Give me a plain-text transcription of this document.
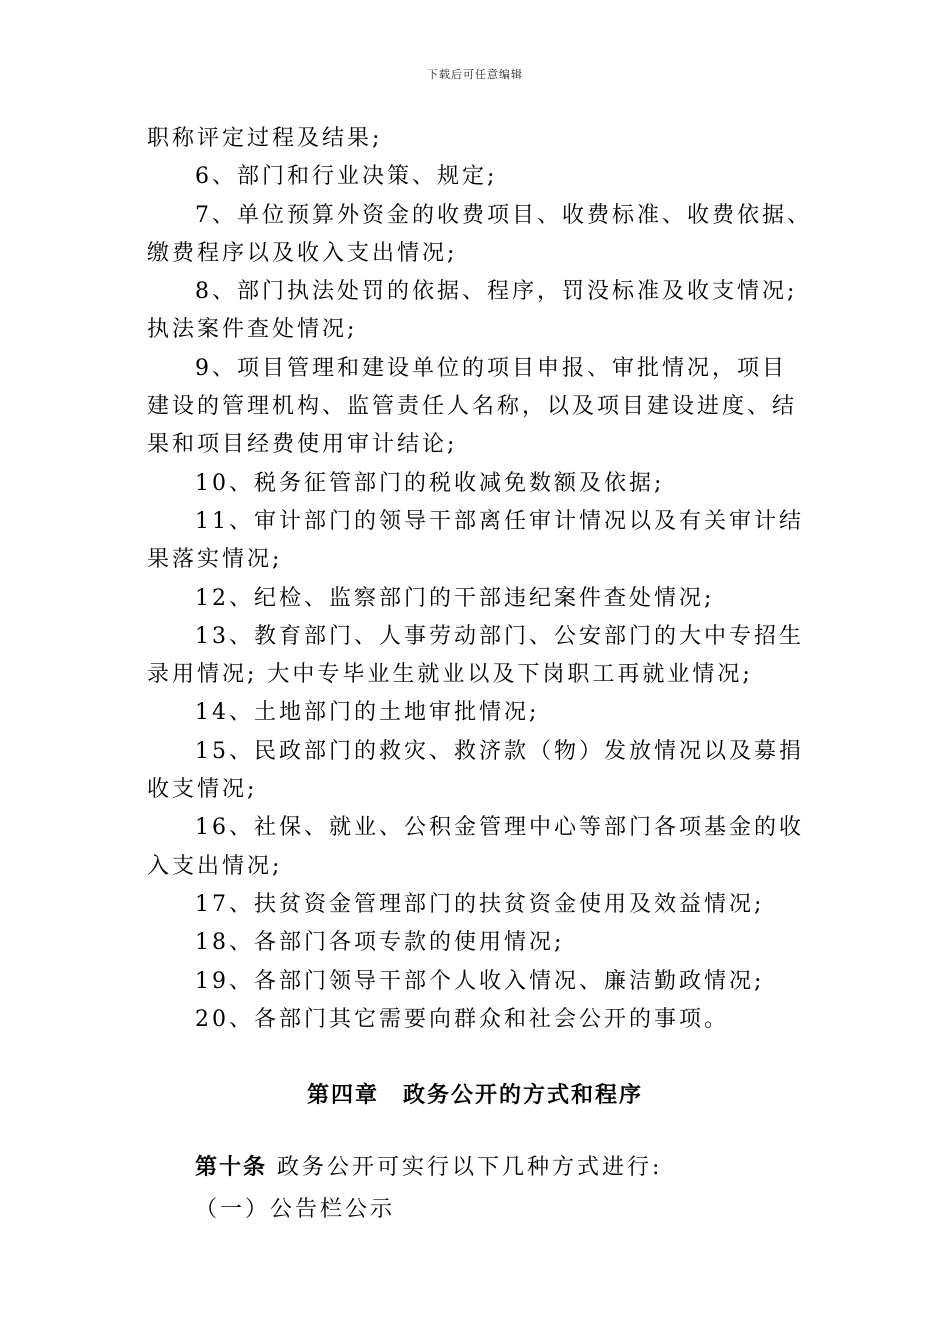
下载后可任意编辑
职称评定过程及结果;
6、部门和行业决策、规定;
7、单位预算外资金的收费项目、收费标准、收费依据、
缴费程序以及收入支出情况;
8、部门执法处罚的依据、程序，罚没标准及收支情况;
执法案件查处情况;
9、项目管理和建设单位的项目申报、审批情况，项目
建设的管理机构、监管责任人名称，以及项目建设进度、结
果和项目经费使用审计结论;
10、税务征管部门的税收减免数额及依据;
11、审计部门的领导干部离任审计情况以及有关审计结
果落实情况;
12、纪检、监察部门的干部违纪案件查处情况;
13、教育部门、人事劳动部门、公安部门的大中专招生
录用情况; 大中专毕业生就业以及下岗职工再就业情况;
14、土地部门的土地审批情况;
15、民政部门的救灾、救济款（物）发放情况以及募捐
收支情况;
16、社保、就业、公积金管理中心等部门各项基金的收
入支出情况;
17、扶贫资金管理部门的扶贫资金使用及效益情况;
18、各部门各项专款的使用情况;
19、各部门领导干部个人收入情况、廉洁勤政情况;
20、各部门其它需要向群众和社会公开的事项。
第四章　政务公开的方式和程序
第十条 政务公开可实行以下几种方式进行:
（一）公告栏公示
